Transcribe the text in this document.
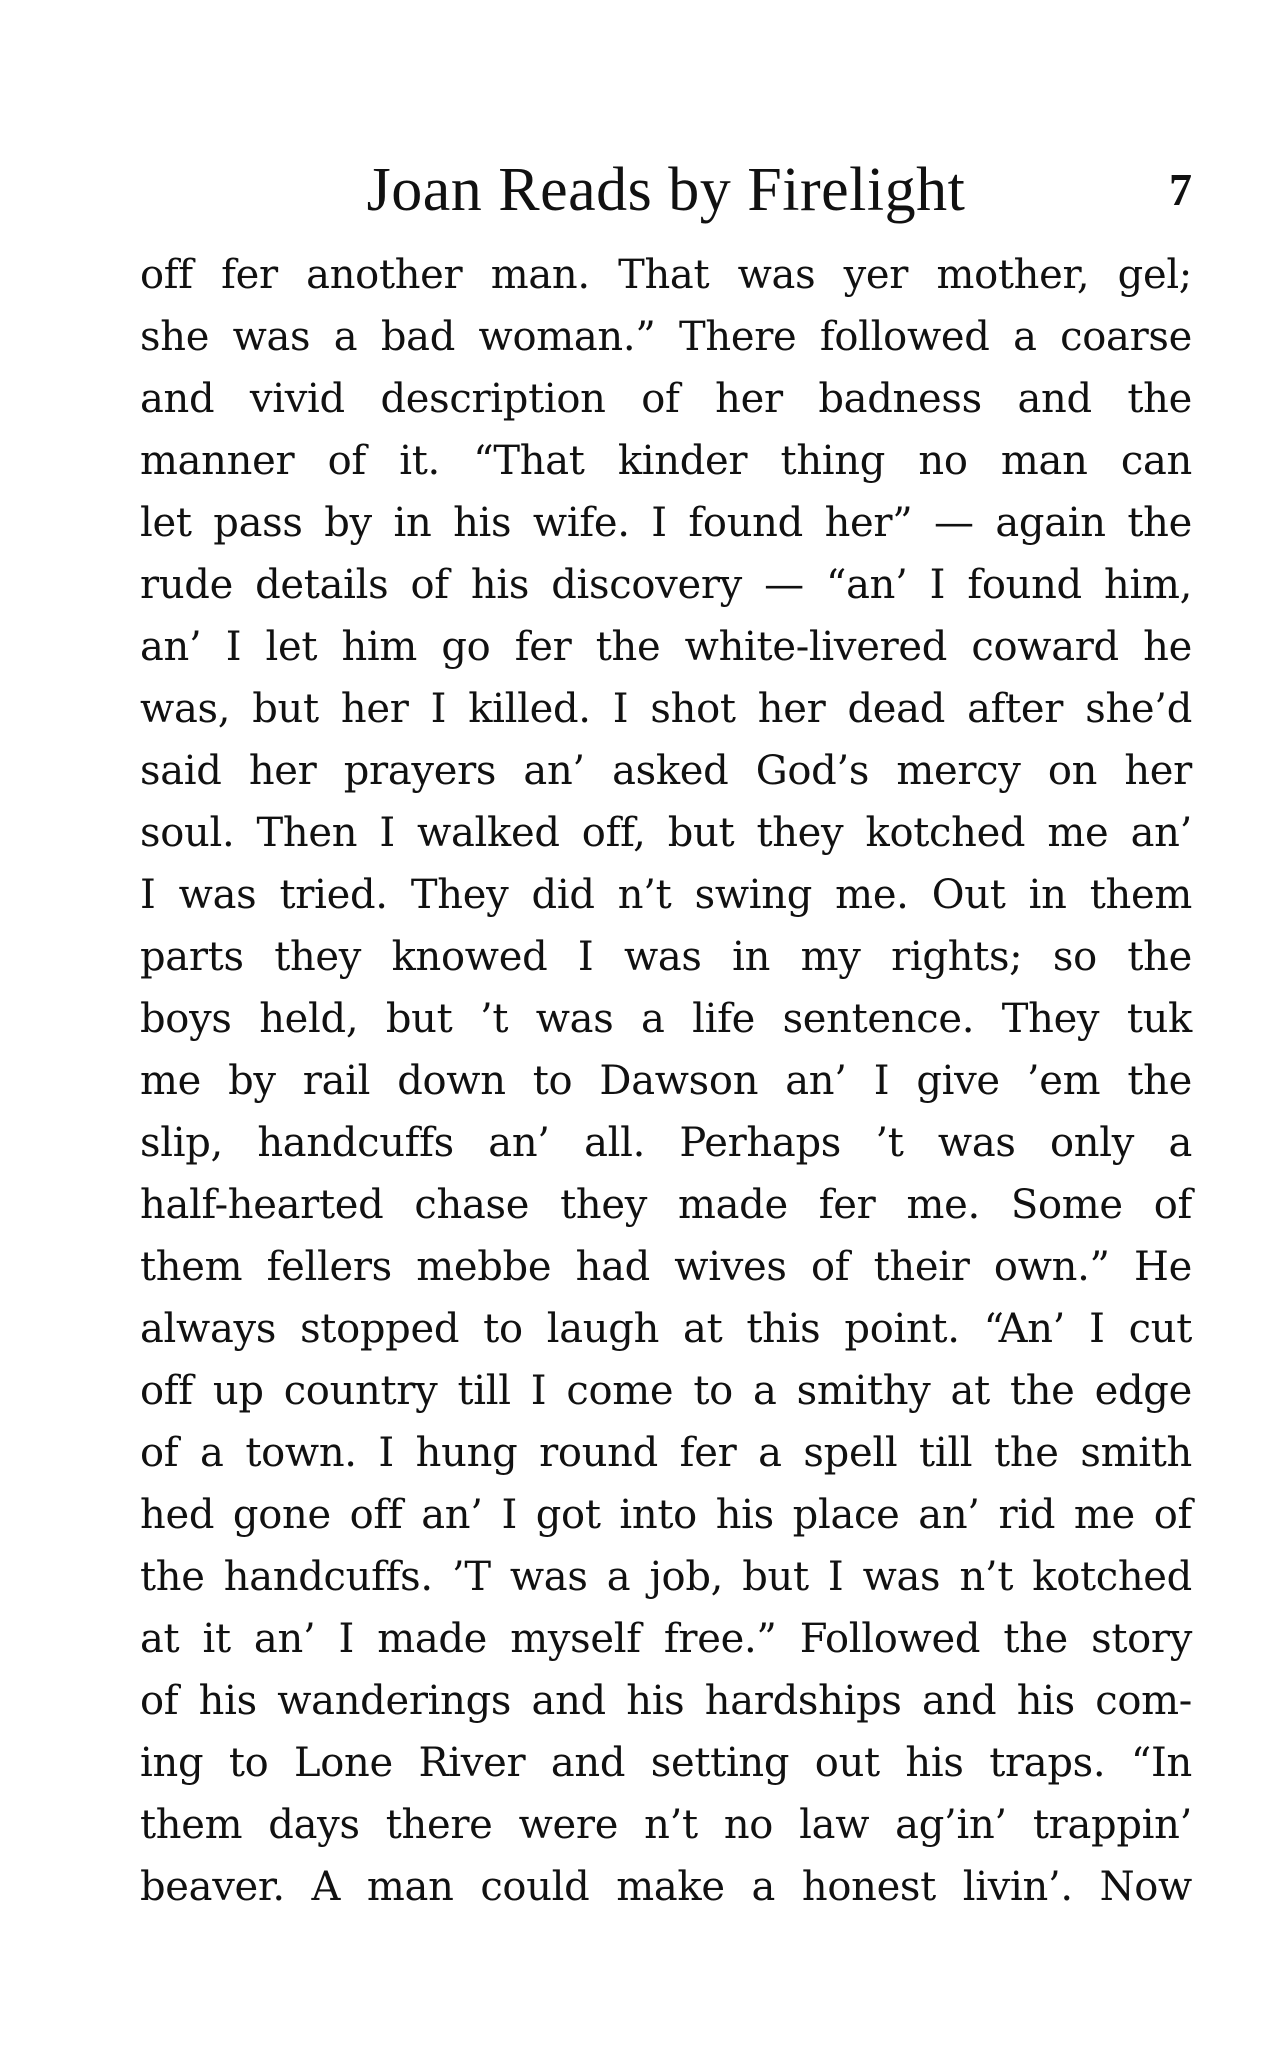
Joan Reads by Firelight	7
off fer another man. That was yer mother, gel;
she was a bad woman.” There followed a coarse
and vivid description of her badness and the
manner of it. “That kinder thing no man can
let pass by in his wife. I found her” — again the
rude details of his discovery — “an’ I found him,
an’ I let him go fer the white-livered coward he
was, but her I killed. I shot her dead after she’d
said her prayers an’ asked God’s mercy on her
soul. Then I walked off, but they kotched me an’
I was tried. They did n’t swing me. Out in them
parts they knowed I was in my rights; so the
boys held, but ’t was a life sentence. They tuk
me by rail down to Dawson an’ I give ’em the
slip, handcuffs an’ all. Perhaps ’t was only a
half-hearted chase they made fer me. Some of
them fellers mebbe had wives of their own.” He
always stopped to laugh at this point. “An’ I cut
off up country till I come to a smithy at the edge
of a town. I hung round fer a spell till the smith
hed gone off an’ I got into his place an’ rid me of
the handcuffs. ’T was a job, but I was n’t kotched
at it an’ I made myself free.” Followed the story
of his wanderings and his hardships and his com-
ing to Lone River and setting out his traps. “In
them days there were n’t no law ag’in’ trappin’
beaver. A man could make a honest livin’. Now
